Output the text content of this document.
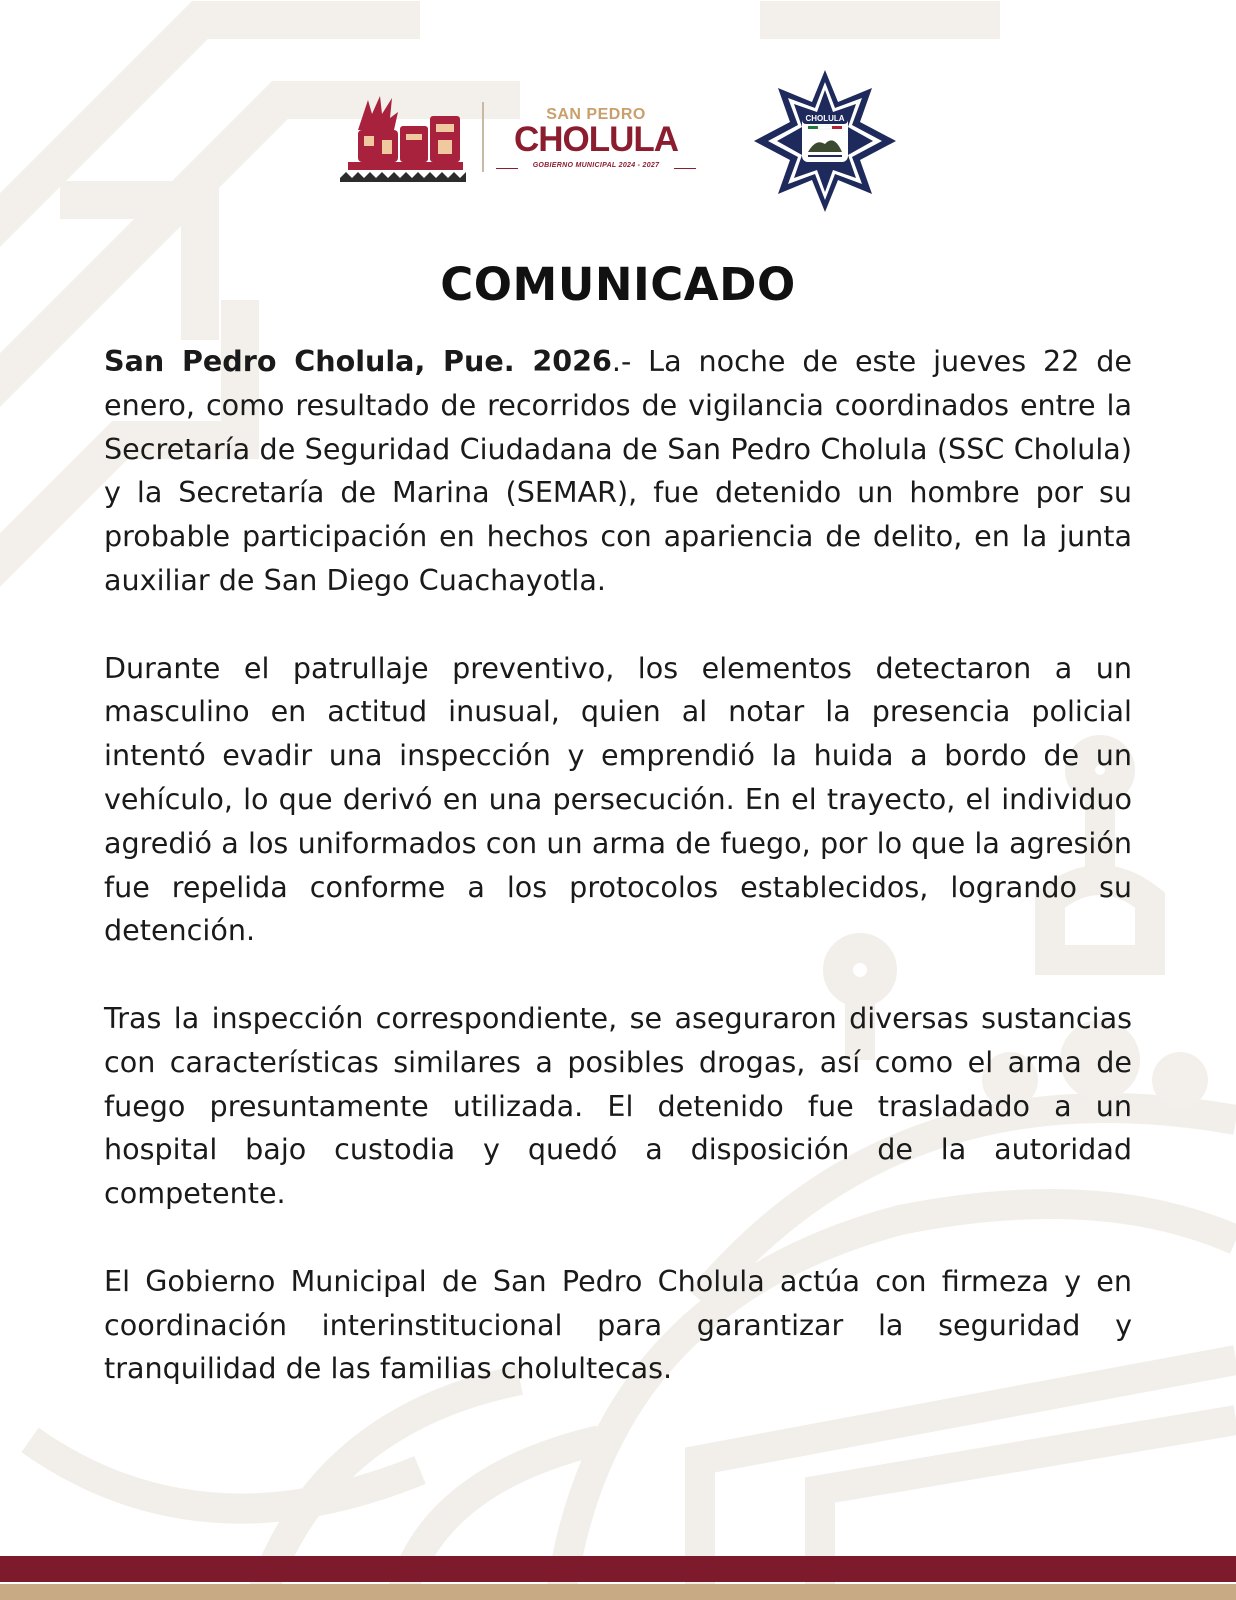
SAN PEDRO
CHOLULA
GOBIERNO MUNICIPAL 2024 - 2027
CHOLULA
COMUNICADO

San Pedro Cholula, Pue. 2026.- La noche de este jueves 22 de enero, como resultado de recorridos de vigilancia coordinados entre la Secretaría de Seguridad Ciudadana de San Pedro Cholula (SSC Cholula) y la Secretaría de Marina (SEMAR), fue detenido un hombre por su probable participación en hechos con apariencia de delito, en la junta auxiliar de San Diego Cuachayotla.

Durante el patrullaje preventivo, los elementos detectaron a un masculino en actitud inusual, quien al notar la presencia policial intentó evadir una inspección y emprendió la huida a bordo de un vehículo, lo que derivó en una persecución. En el trayecto, el individuo agredió a los uniformados con un arma de fuego, por lo que la agresión fue repelida conforme a los protocolos establecidos, logrando su detención.

Tras la inspección correspondiente, se aseguraron diversas sustancias con características similares a posibles drogas, así como el arma de fuego presuntamente utilizada. El detenido fue trasladado a un hospital bajo custodia y quedó a disposición de la autoridad competente.

El Gobierno Municipal de San Pedro Cholula actúa con firmeza y en coordinación interinstitucional para garantizar la seguridad y tranquilidad de las familias cholultecas.
